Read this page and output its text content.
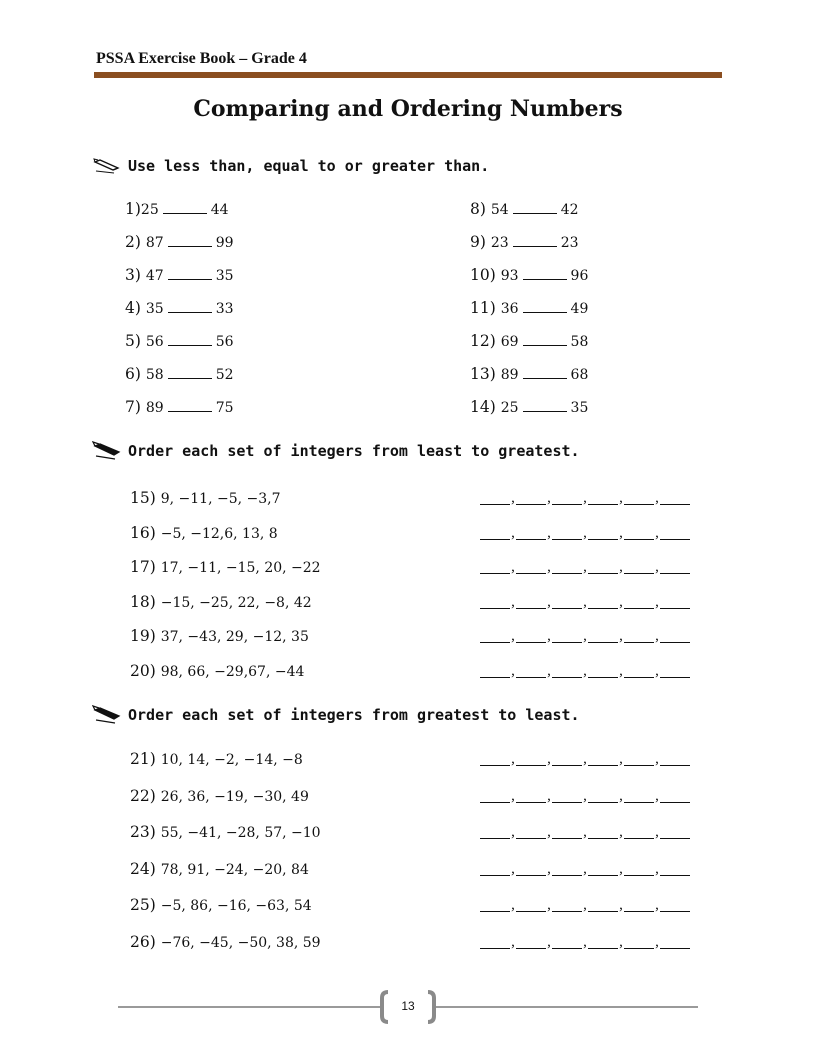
PSSA Exercise Book – Grade 4
Comparing and Ordering Numbers
Use less than, equal to or greater than.
1)25	44
2) 87	99
3) 47	35
4) 35	33
5) 56	56
6) 58	52
7) 89	75
8) 54	42
9) 23	23
10) 93	96
11) 36	49
12) 69	58
13) 89	68
14) 25	35
Order each set of integers from least to greatest.
15) 9, −11, −5, −3,7	, , , , ,
16) −5, −12,6, 13, 8	, , , , ,
17) 17, −11, −15, 20, −22	, , , , ,
18) −15, −25, 22, −8, 42	, , , , ,
19) 37, −43, 29, −12, 35	, , , , ,
20) 98, 66, −29,67, −44	, , , , ,
Order each set of integers from greatest to least.
21) 10, 14, −2, −14, −8	, , , , ,
22) 26, 36, −19, −30, 49	, , , , ,
23) 55, −41, −28, 57, −10	, , , , ,
24) 78, 91, −24, −20, 84	, , , , ,
25) −5, 86, −16, −63, 54	, , , , ,
26) −76, −45, −50, 38, 59	, , , , ,
13
